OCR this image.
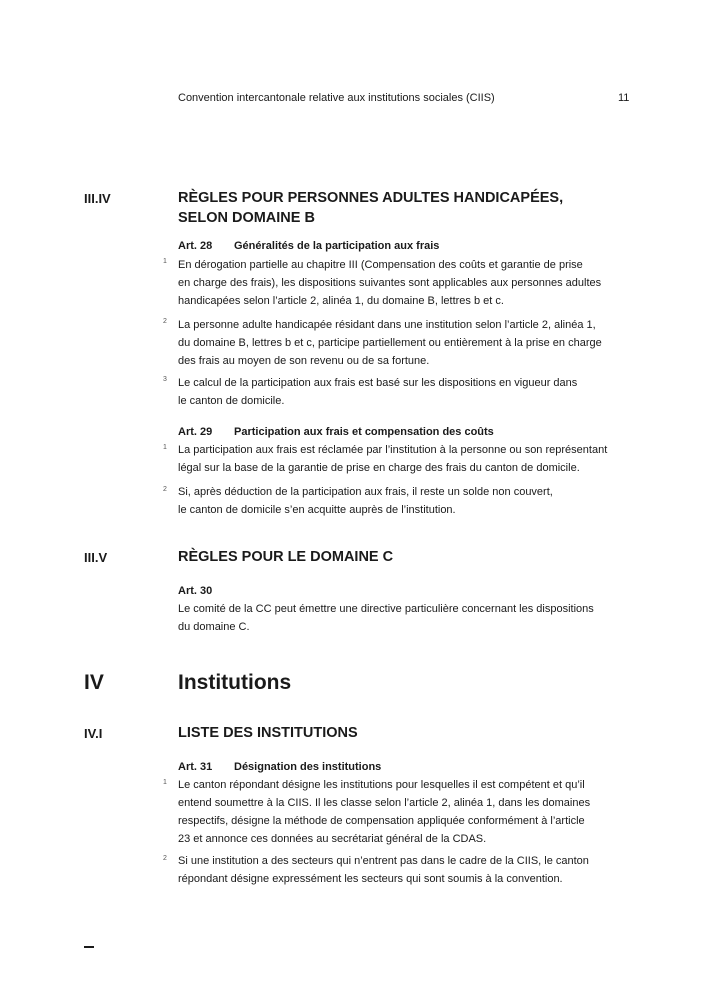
Convention intercantonale relative aux institutions sociales (CIIS)	11
III.IV	RÈGLES POUR PERSONNES ADULTES HANDICAPÉES,
SELON DOMAINE B
Art. 28 Généralités de la participation aux frais
1 En dérogation partielle au chapitre III (Compensation des coûts et garantie de prise
en charge des frais), les dispositions suivantes sont applicables aux personnes adultes
handicapées selon l’article 2, alinéa 1, du domaine B, lettres b et c.
2 La personne adulte handicapée résidant dans une institution selon l’article 2, alinéa 1,
du domaine B, lettres b et c, participe partiellement ou entièrement à la prise en charge
des frais au moyen de son revenu ou de sa fortune.
3 Le calcul de la participation aux frais est basé sur les dispositions en vigueur dans
le canton de domicile.
Art. 29 Participation aux frais et compensation des coûts
1 La participation aux frais est réclamée par l’institution à la personne ou son représentant
légal sur la base de la garantie de prise en charge des frais du canton de domicile.
2 Si, après déduction de la participation aux frais, il reste un solde non couvert,
le canton de domicile s’en acquitte auprès de l’institution.
III.V	RÈGLES POUR LE DOMAINE C
Art. 30
Le comité de la CC peut émettre une directive particulière concernant les dispositions
du domaine C.
IV	Institutions
IV.I	LISTE DES INSTITUTIONS
Art. 31 Désignation des institutions
1 Le canton répondant désigne les institutions pour lesquelles il est compétent et qu’il
entend soumettre à la CIIS. Il les classe selon l’article 2, alinéa 1, dans les domaines
respectifs, désigne la méthode de compensation appliquée conformément à l’article
23 et annonce ces données au secrétariat général de la CDAS.
2 Si une institution a des secteurs qui n’entrent pas dans le cadre de la CIIS, le canton
répondant désigne expressément les secteurs qui sont soumis à la convention.
